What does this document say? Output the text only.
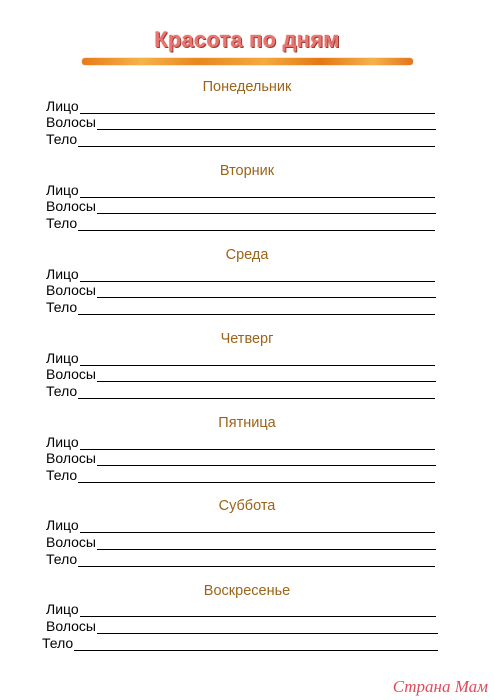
Красота по дням
Понедельник
Лицо
Волосы
Тело
Вторник
Лицо
Волосы
Тело
Среда
Лицо
Волосы
Тело
Четверг
Лицо
Волосы
Тело
Пятница
Лицо
Волосы
Тело
Суббота
Лицо
Волосы
Тело
Воскресенье
Лицо
Волосы
Тело
Страна Мам
